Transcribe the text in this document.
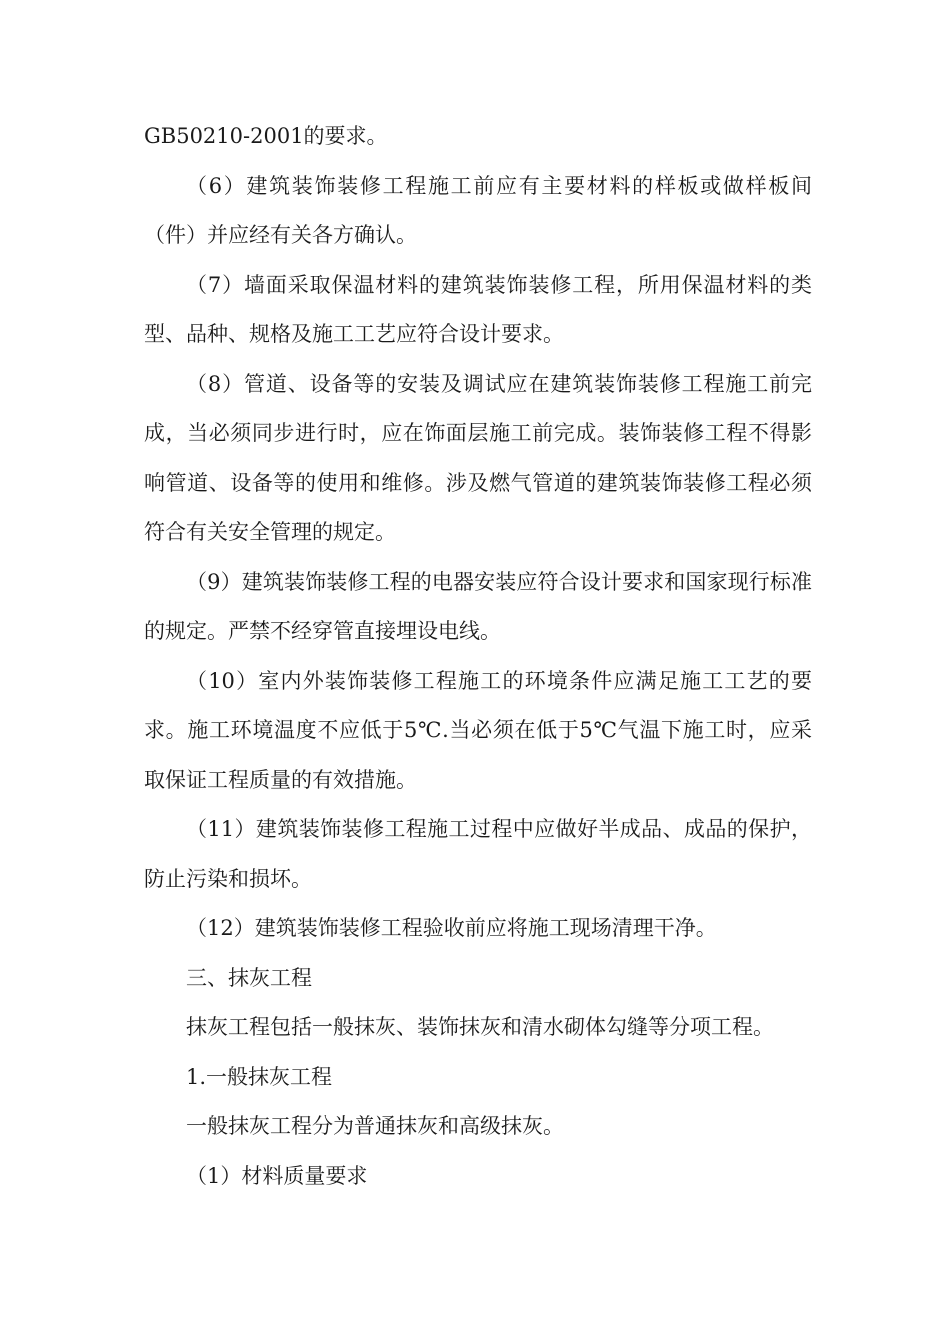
GB50210-2001的要求。

（6）建筑装饰装修工程施工前应有主要材料的样板或做样板间（件）并应经有关各方确认。

（7）墙面采取保温材料的建筑装饰装修工程，所用保温材料的类型、品种、规格及施工工艺应符合设计要求。

（8）管道、设备等的安装及调试应在建筑装饰装修工程施工前完成，当必须同步进行时，应在饰面层施工前完成。装饰装修工程不得影响管道、设备等的使用和维修。涉及燃气管道的建筑装饰装修工程必须符合有关安全管理的规定。

（9）建筑装饰装修工程的电器安装应符合设计要求和国家现行标准的规定。严禁不经穿管直接埋设电线。

（10）室内外装饰装修工程施工的环境条件应满足施工工艺的要求。施工环境温度不应低于5℃.当必须在低于5℃气温下施工时，应采取保证工程质量的有效措施。

（11）建筑装饰装修工程施工过程中应做好半成品、成品的保护，防止污染和损坏。

（12）建筑装饰装修工程验收前应将施工现场清理干净。

三、抹灰工程

抹灰工程包括一般抹灰、装饰抹灰和清水砌体勾缝等分项工程。

1.一般抹灰工程

一般抹灰工程分为普通抹灰和高级抹灰。

（1）材料质量要求
